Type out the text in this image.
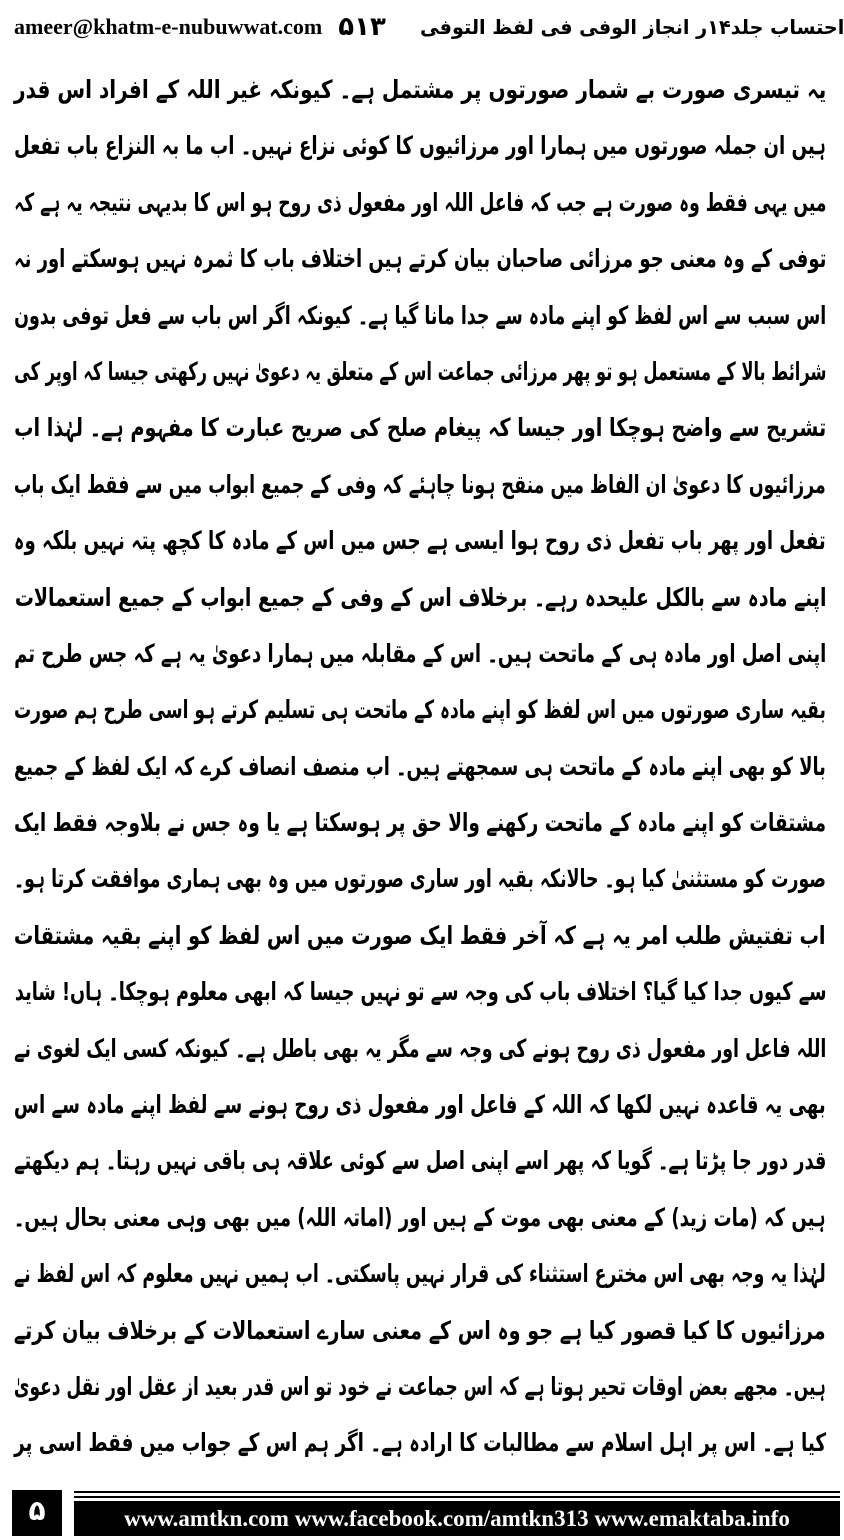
ameer@khatm-e-nubuwwat.com ۵۱۳	احتساب جلد۱۴ر انجاز الوفی فی لفظ التوفی
یہ تیسری صورت بے شمار صورتوں پر مشتمل ہے۔ کیونکہ غیر اللہ کے افراد اس قدر
ہیں ان جملہ صورتوں میں ہمارا اور مرزائیوں کا کوئی نزاع نہیں۔ اب ما بہ النزاع باب تفعل
میں یہی فقط وہ صورت ہے جب کہ فاعل اللہ اور مفعول ذی روح ہو اس کا بدیہی نتیجہ یہ ہے کہ
توفی کے وہ معنی جو مرزائی صاحبان بیان کرتے ہیں اختلاف باب کا ثمرہ نہیں ہوسکتے اور نہ
اس سبب سے اس لفظ کو اپنے مادہ سے جدا مانا گیا ہے۔ کیونکہ اگر اس باب سے فعل توفی بدون
شرائط بالا کے مستعمل ہو تو پھر مرزائی جماعت اس کے متعلق یہ دعویٰ نہیں رکھتی جیسا کہ اوپر کی
تشریح سے واضح ہوچکا اور جیسا کہ پیغام صلح کی صریح عبارت کا مفہوم ہے۔ لہٰذا اب
مرزائیوں کا دعویٰ ان الفاظ میں منقح ہونا چاہئے کہ وفی کے جمیع ابواب میں سے فقط ایک باب
تفعل اور پھر باب تفعل ذی روح ہوا ایسی ہے جس میں اس کے مادہ کا کچھ پتہ نہیں بلکہ وہ
اپنے مادہ سے بالکل علیحدہ رہے۔ برخلاف اس کے وفی کے جمیع ابواب کے جمیع استعمالات
اپنی اصل اور مادہ ہی کے ماتحت ہیں۔ اس کے مقابلہ میں ہمارا دعویٰ یہ ہے کہ جس طرح تم
بقیہ ساری صورتوں میں اس لفظ کو اپنے مادہ کے ماتحت ہی تسلیم کرتے ہو اسی طرح ہم صورت
بالا کو بھی اپنے مادہ کے ماتحت ہی سمجھتے ہیں۔ اب منصف انصاف کرے کہ ایک لفظ کے جمیع
مشتقات کو اپنے مادہ کے ماتحت رکھنے والا حق پر ہوسکتا ہے یا وہ جس نے بلاوجہ فقط ایک
صورت کو مستثنیٰ کیا ہو۔ حالانکہ بقیہ اور ساری صورتوں میں وہ بھی ہماری موافقت کرتا ہو۔
اب تفتیش طلب امر یہ ہے کہ آخر فقط ایک صورت میں اس لفظ کو اپنے بقیہ مشتقات
سے کیوں جدا کیا گیا؟ اختلاف باب کی وجہ سے تو نہیں جیسا کہ ابھی معلوم ہوچکا۔ ہاں! شاید
اللہ فاعل اور مفعول ذی روح ہونے کی وجہ سے مگر یہ بھی باطل ہے۔ کیونکہ کسی ایک لغوی نے
بھی یہ قاعدہ نہیں لکھا کہ اللہ کے فاعل اور مفعول ذی روح ہونے سے لفظ اپنے مادہ سے اس
قدر دور جا پڑتا ہے۔ گویا کہ پھر اسے اپنی اصل سے کوئی علاقہ ہی باقی نہیں رہتا۔ ہم دیکھتے
ہیں کہ (مات زید) کے معنی بھی موت کے ہیں اور (اماتہ اللہ) میں بھی وہی معنی بحال ہیں۔
لہٰذا یہ وجہ بھی اس مخترع استثناء کی قرار نہیں پاسکتی۔ اب ہمیں نہیں معلوم کہ اس لفظ نے
مرزائیوں کا کیا قصور کیا ہے جو وہ اس کے معنی سارے استعمالات کے برخلاف بیان کرتے
ہیں۔ مجھے بعض اوقات تحیر ہوتا ہے کہ اس جماعت نے خود تو اس قدر بعید از عقل اور نقل دعویٰ
کیا ہے۔ اس پر اہل اسلام سے مطالبات کا ارادہ ہے۔ اگر ہم اس کے جواب میں فقط اسی پر
۵	www.amtkn.com www.facebook.com/amtkn313 www.emaktaba.info
